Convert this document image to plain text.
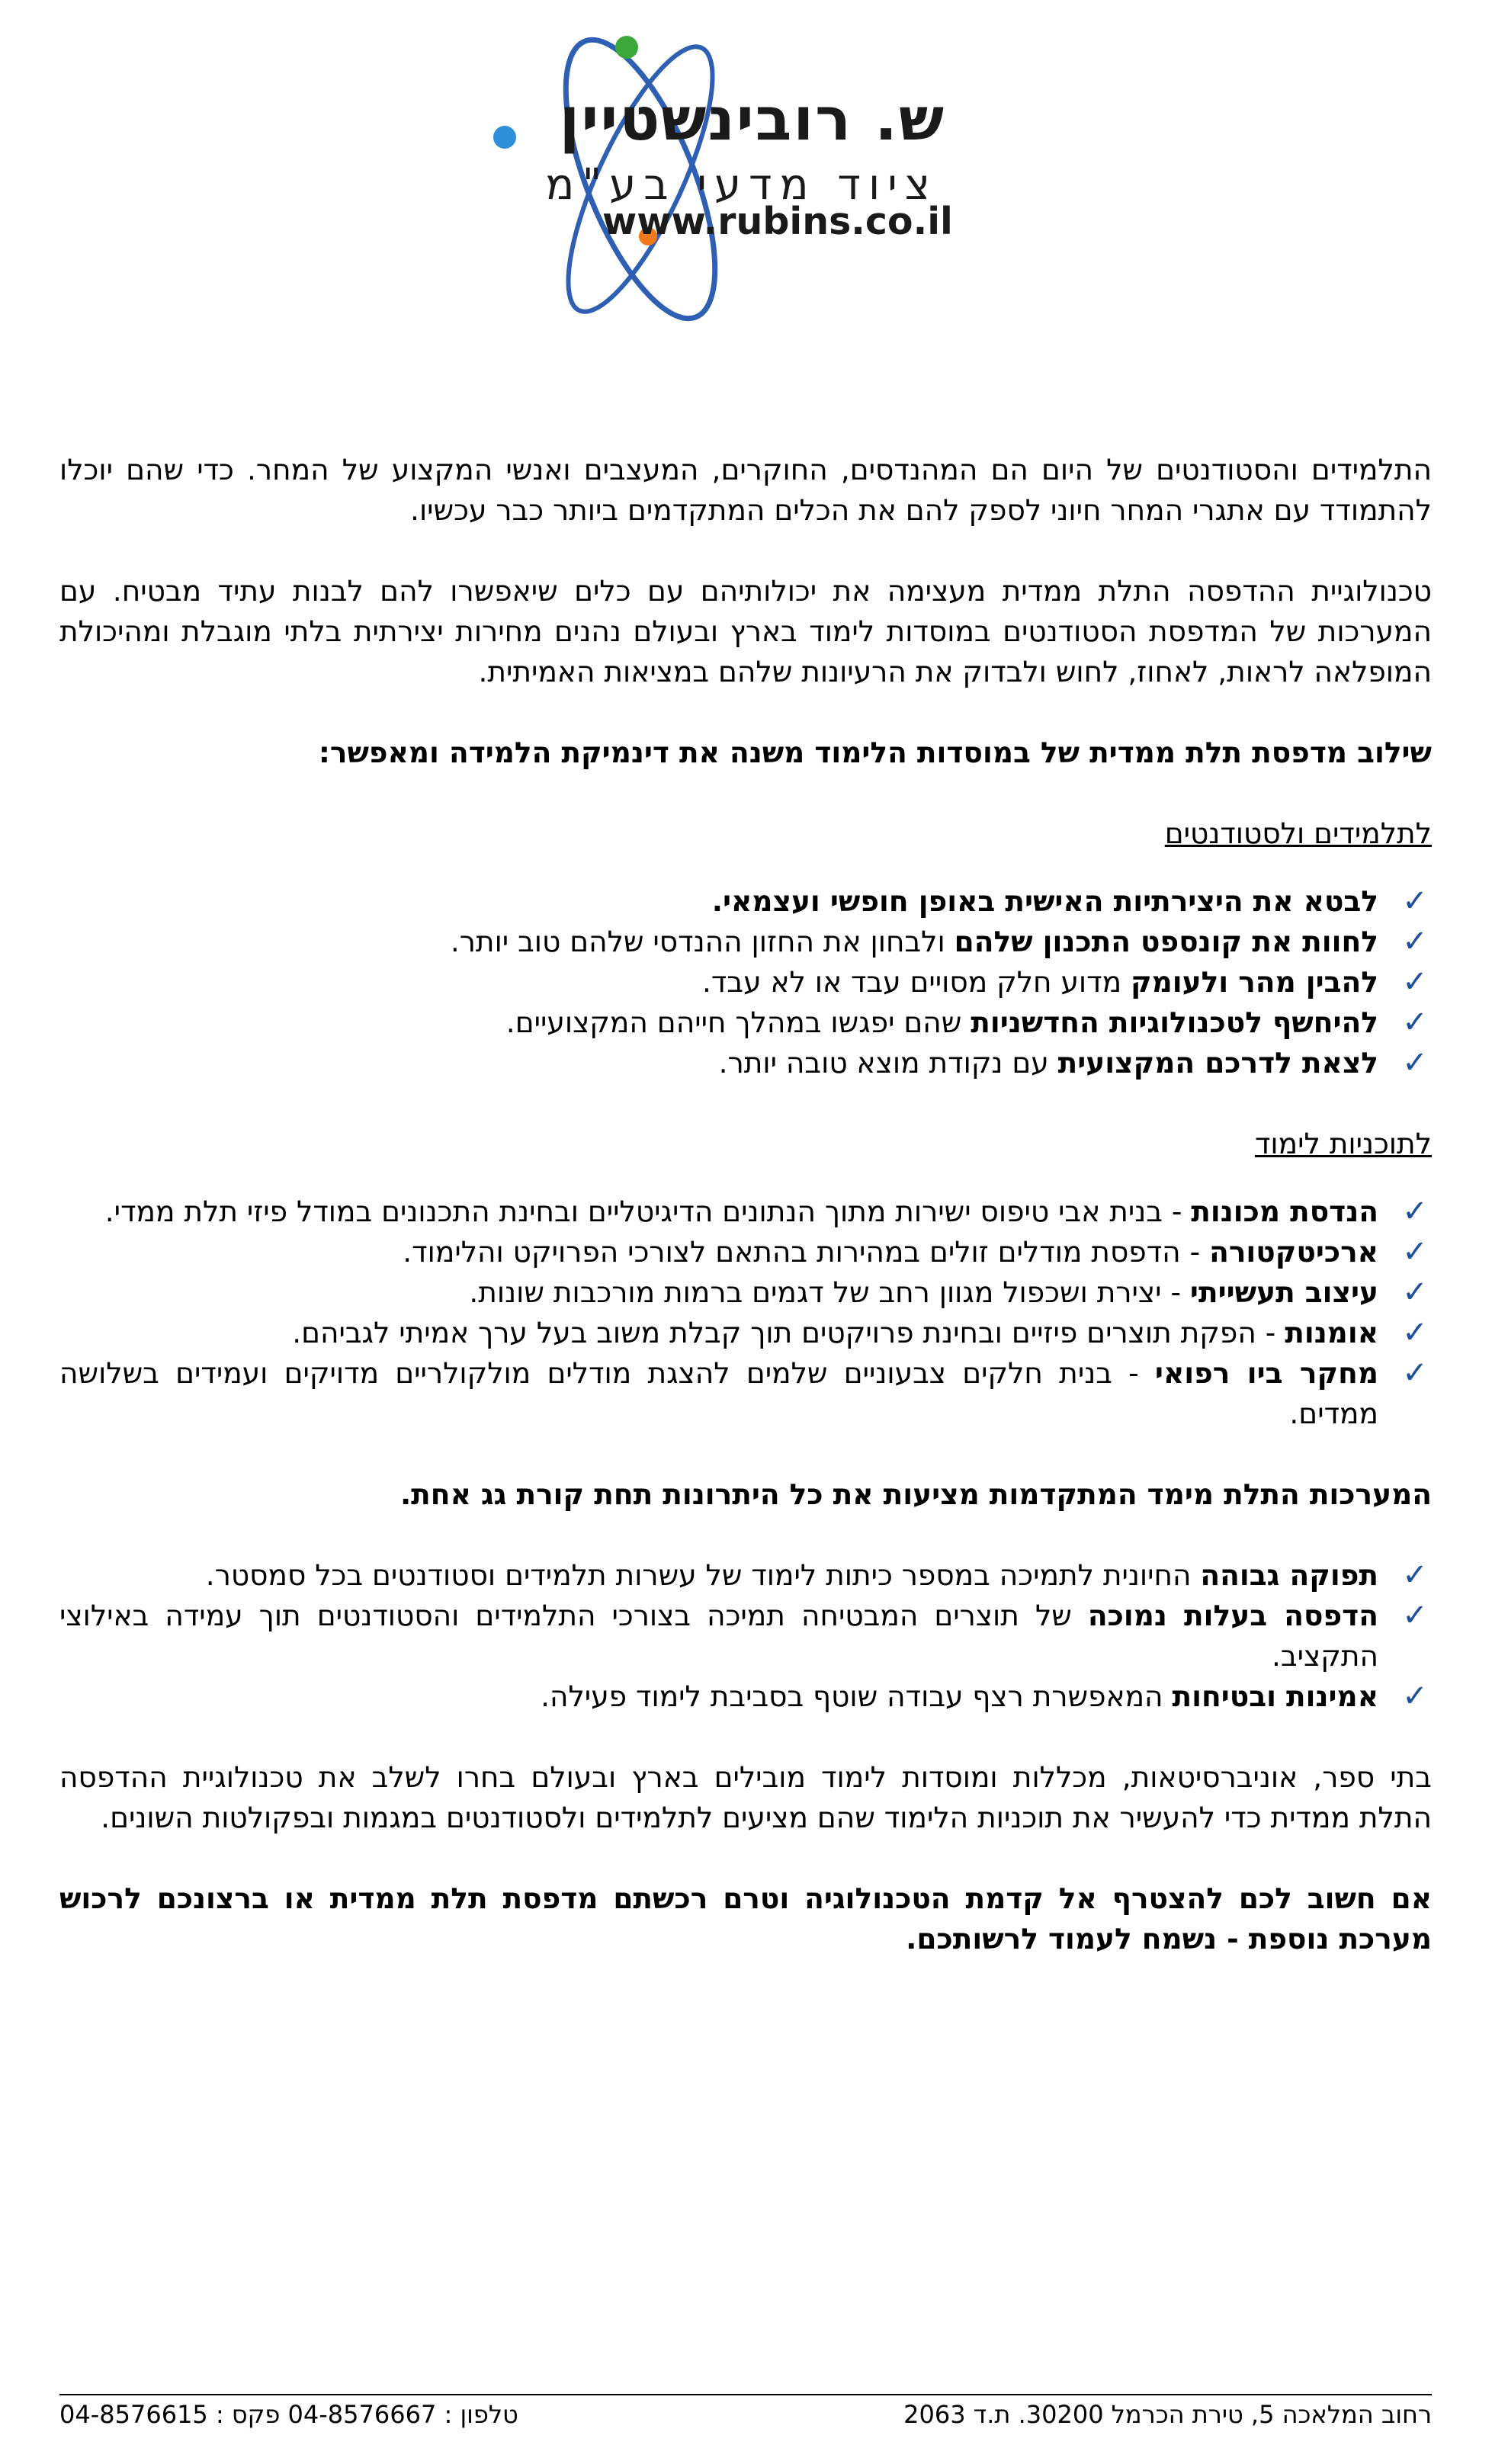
ש. רובינשטיין
ציוד מדעי בע"מ
www.rubins.co.il

התלמידים והסטודנטים של היום הם המהנדסים, החוקרים, המעצבים ואנשי המקצוע של המחר. כדי שהם יוכלו להתמודד עם אתגרי המחר חיוני לספק להם את הכלים המתקדמים ביותר כבר עכשיו.

טכנולוגיית ההדפסה התלת ממדית מעצימה את יכולותיהם עם כלים שיאפשרו להם לבנות עתיד מבטיח. עם המערכות של המדפסת הסטודנטים במוסדות לימוד בארץ ובעולם נהנים מחירות יצירתית בלתי מוגבלת ומהיכולת המופלאה לראות, לאחוז, לחוש ולבדוק את הרעיונות שלהם במציאות האמיתית.

שילוב מדפסת תלת ממדית של במוסדות הלימוד משנה את דינמיקת הלמידה ומאפשר:

לתלמידים ולסטודנטים

✓
לבטא את היצירתיות האישית באופן חופשי ועצמאי.
✓
לחוות את קונספט התכנון שלהם ולבחון את החזון ההנדסי שלהם טוב יותר.
✓
להבין מהר ולעומק מדוע חלק מסויים עבד או לא עבד.
✓
להיחשף לטכנולוגיות החדשניות שהם יפגשו במהלך חייהם המקצועיים.
✓
לצאת לדרכם המקצועית עם נקודת מוצא טובה יותר.

לתוכניות לימוד

✓
הנדסת מכונות - בנית אבי טיפוס ישירות מתוך הנתונים הדיגיטליים ובחינת התכנונים במודל פיזי תלת ממדי.
✓
ארכיטקטורה - הדפסת מודלים זולים במהירות בהתאם לצורכי הפרויקט והלימוד.
✓
עיצוב תעשייתי - יצירת ושכפול מגוון רחב של דגמים ברמות מורכבות שונות.
✓
אומנות - הפקת תוצרים פיזיים ובחינת פרויקטים תוך קבלת משוב בעל ערך אמיתי לגביהם.
✓
מחקר ביו רפואי - בנית חלקים צבעוניים שלמים להצגת מודלים מולקולריים מדויקים ועמידים בשלושה ממדים.

המערכות התלת מימד המתקדמות מציעות את כל היתרונות תחת קורת גג אחת.

✓
תפוקה גבוהה החיונית לתמיכה במספר כיתות לימוד של עשרות תלמידים וסטודנטים בכל סמסטר.
✓
הדפסה בעלות נמוכה של תוצרים המבטיחה תמיכה בצורכי התלמידים והסטודנטים תוך עמידה באילוצי התקציב.
✓
אמינות ובטיחות המאפשרת רצף עבודה שוטף בסביבת לימוד פעילה.

בתי ספר, אוניברסיטאות, מכללות ומוסדות לימוד מובילים בארץ ובעולם בחרו לשלב את טכנולוגיית ההדפסה התלת ממדית כדי להעשיר את תוכניות הלימוד שהם מציעים לתלמידים ולסטודנטים במגמות ובפקולטות השונים.

אם חשוב לכם להצטרף אל קדמת הטכנולוגיה וטרם רכשתם מדפסת תלת ממדית או ברצונכם לרכוש מערכת נוספת - נשמח לעמוד לרשותכם.

רחוב המלאכה 5, טירת הכרמל 30200. ת.ד 2063
טלפון : 04-8576667 פקס : 04-8576615
